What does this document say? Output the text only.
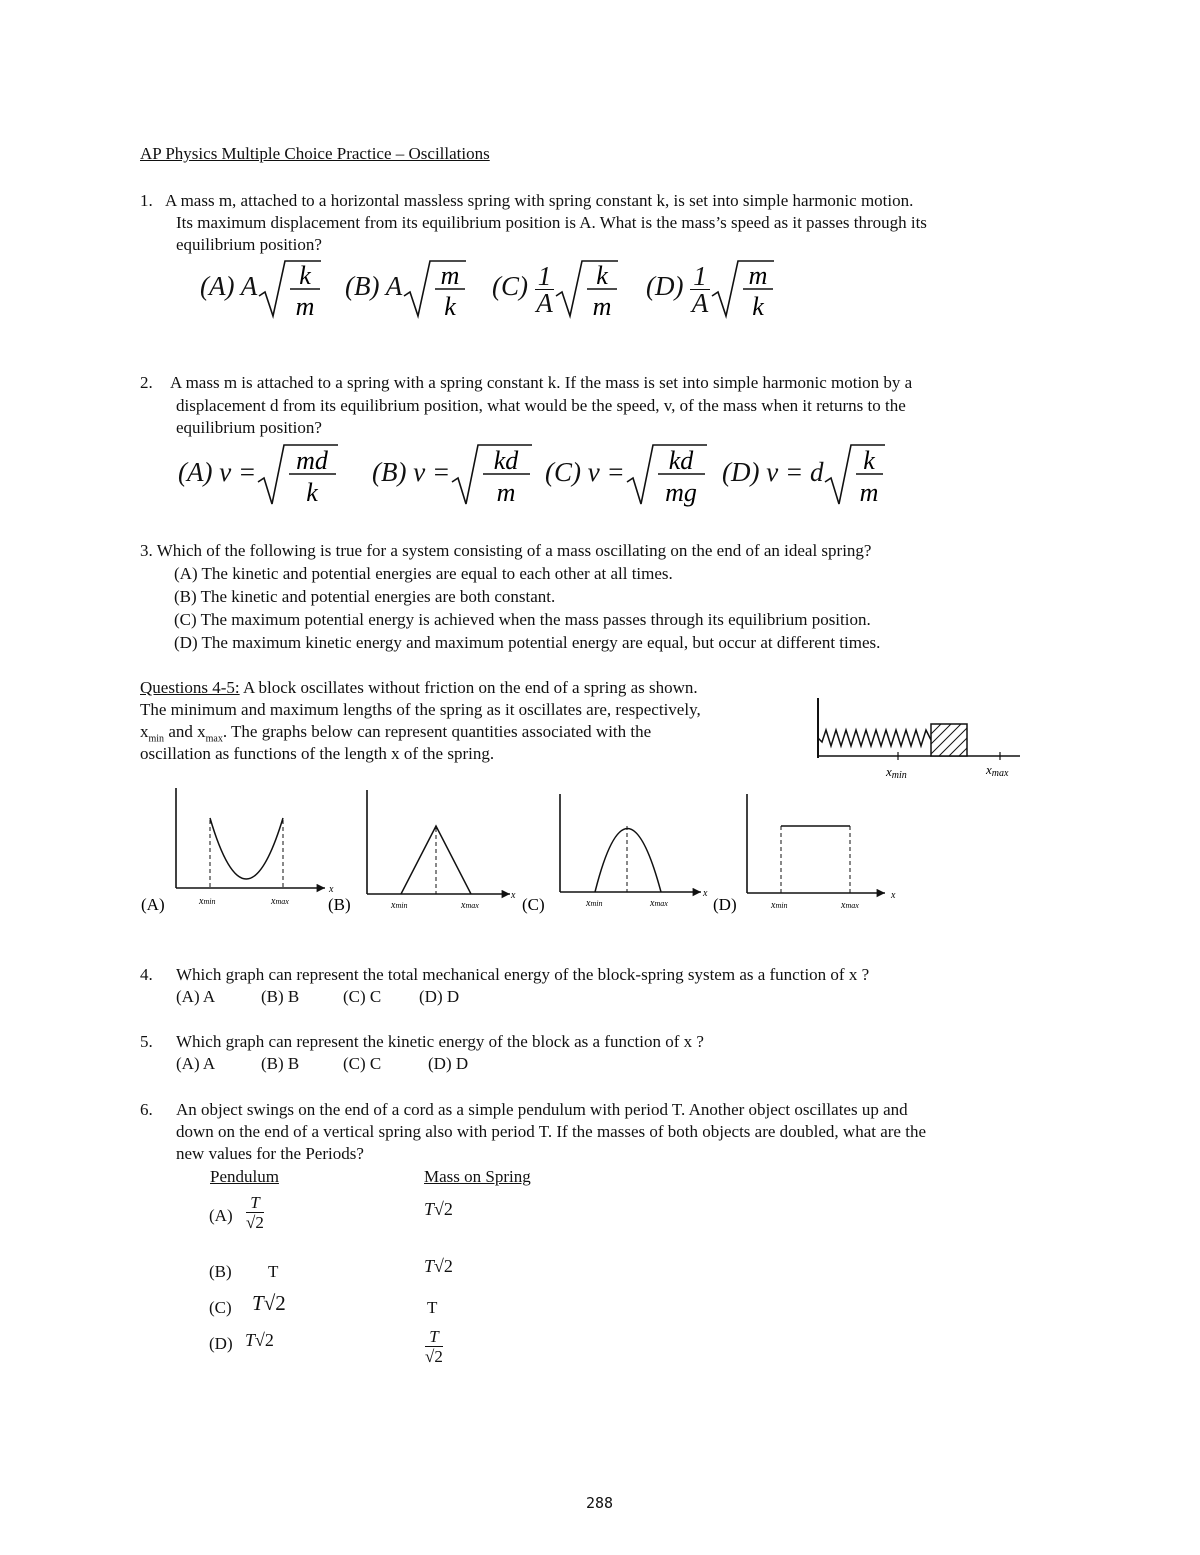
AP Physics Multiple Choice Practice – Oscillations
1. A mass m, attached to a horizontal massless spring with spring constant k, is set into simple harmonic motion.
Its maximum displacement from its equilibrium position is A. What is the mass’s speed as it passes through its
equilibrium position?
(A) A k
m
(B) A m
k
$(C) \frac{1}{A}$ k
m
$(D) \frac{1}{A}$ m
k
2. A mass m is attached to a spring with a spring constant k. If the mass is set into simple harmonic motion by a
displacement d from its equilibrium position, what would be the speed, v, of the mass when it returns to the
equilibrium position?
(A) v = md
k
(B) v = kd
m
(C) v = kd
mg
(D) v = d k
m
3. Which of the following is true for a system consisting of a mass oscillating on the end of an ideal spring?
(A) The kinetic and potential energies are equal to each other at all times.
(B) The kinetic and potential energies are both constant.
(C) The maximum potential energy is achieved when the mass passes through its equilibrium position.
(D) The maximum kinetic energy and maximum potential energy are equal, but occur at different times.
Questions 4-5: A block oscillates without friction on the end of a spring as shown.
The minimum and maximum lengths of the spring as it oscillates are, respectively,
$x_{min}$ and $x_{max}$. The graphs below can represent quantities associated with the
oscillation as functions of the length x of the spring.
xmin	xmax
(A)
x
xmin	xmax (B)	x
xmin	xmax	(C)
x
xmin	xmax	(D)	x
xmin	xmax
4. Which graph can represent the total mechanical energy of the block-spring system as a function of x ?
(A) A	(B) B	(C) C (D) D
5. Which graph can represent the kinetic energy of the block as a function of x ?
(A) A	(B) B	(C) C	(D) D
6. An object swings on the end of a cord as a simple pendulum with period T. Another object oscillates up and
down on the end of a vertical spring also with period T. If the masses of both objects are doubled, what are the
new values for the Periods?
Pendulum	Mass on Spring
$(A) \frac{T}{√2}$	T√2
(B) T	T√2
(C) T√2	T
(D) T√2	$\frac{T}{√2}$
288
